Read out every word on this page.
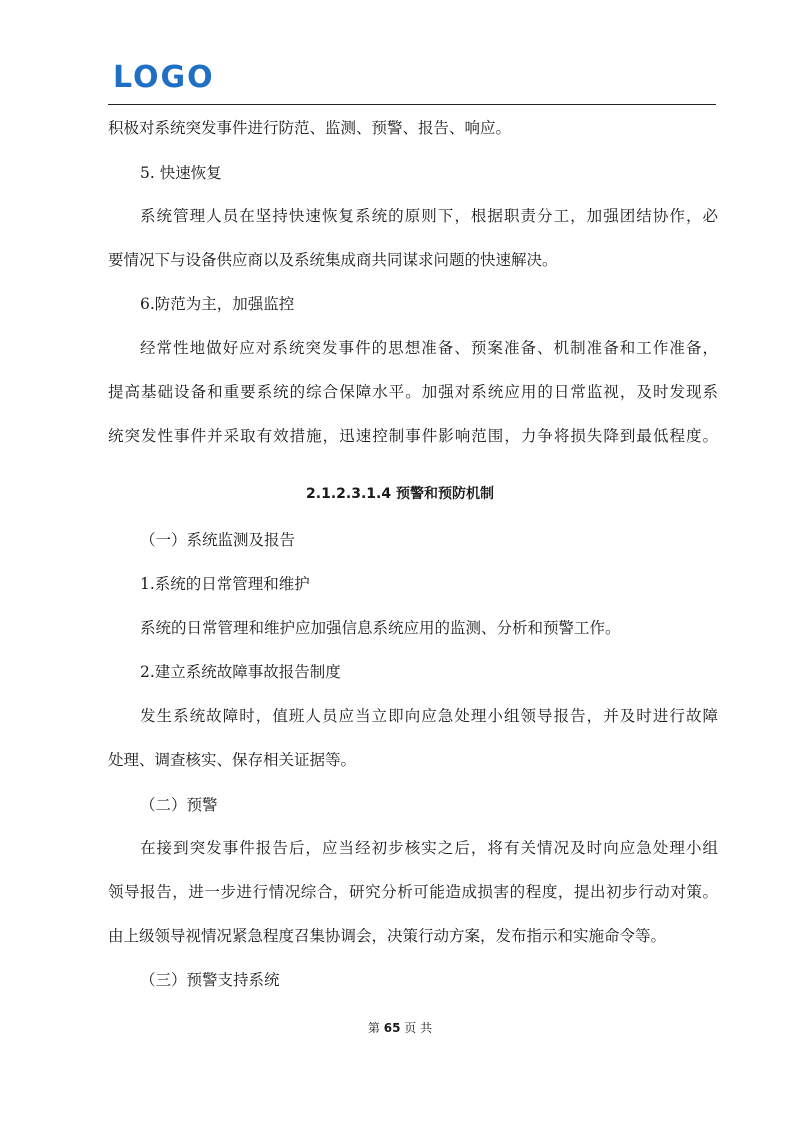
LOGO
积极对系统突发事件进行防范、监测、预警、报告、响应。
5. 快速恢复
系统管理人员在坚持快速恢复系统的原则下，根据职责分工，加强团结协作，必
要情况下与设备供应商以及系统集成商共同谋求问题的快速解决。
6.防范为主，加强监控
经常性地做好应对系统突发事件的思想准备、预案准备、机制准备和工作准备，
提高基础设备和重要系统的综合保障水平。加强对系统应用的日常监视，及时发现系
统突发性事件并采取有效措施，迅速控制事件影响范围，力争将损失降到最低程度。
2.1.2.3.1.4 预警和预防机制
（一）系统监测及报告
1.系统的日常管理和维护
系统的日常管理和维护应加强信息系统应用的监测、分析和预警工作。
2.建立系统故障事故报告制度
发生系统故障时，值班人员应当立即向应急处理小组领导报告，并及时进行故障
处理、调查核实、保存相关证据等。
（二）预警
在接到突发事件报告后，应当经初步核实之后，将有关情况及时向应急处理小组
领导报告，进一步进行情况综合，研究分析可能造成损害的程度，提出初步行动对策。
由上级领导视情况紧急程度召集协调会，决策行动方案，发布指示和实施命令等。
（三）预警支持系统
第 65 页 共
